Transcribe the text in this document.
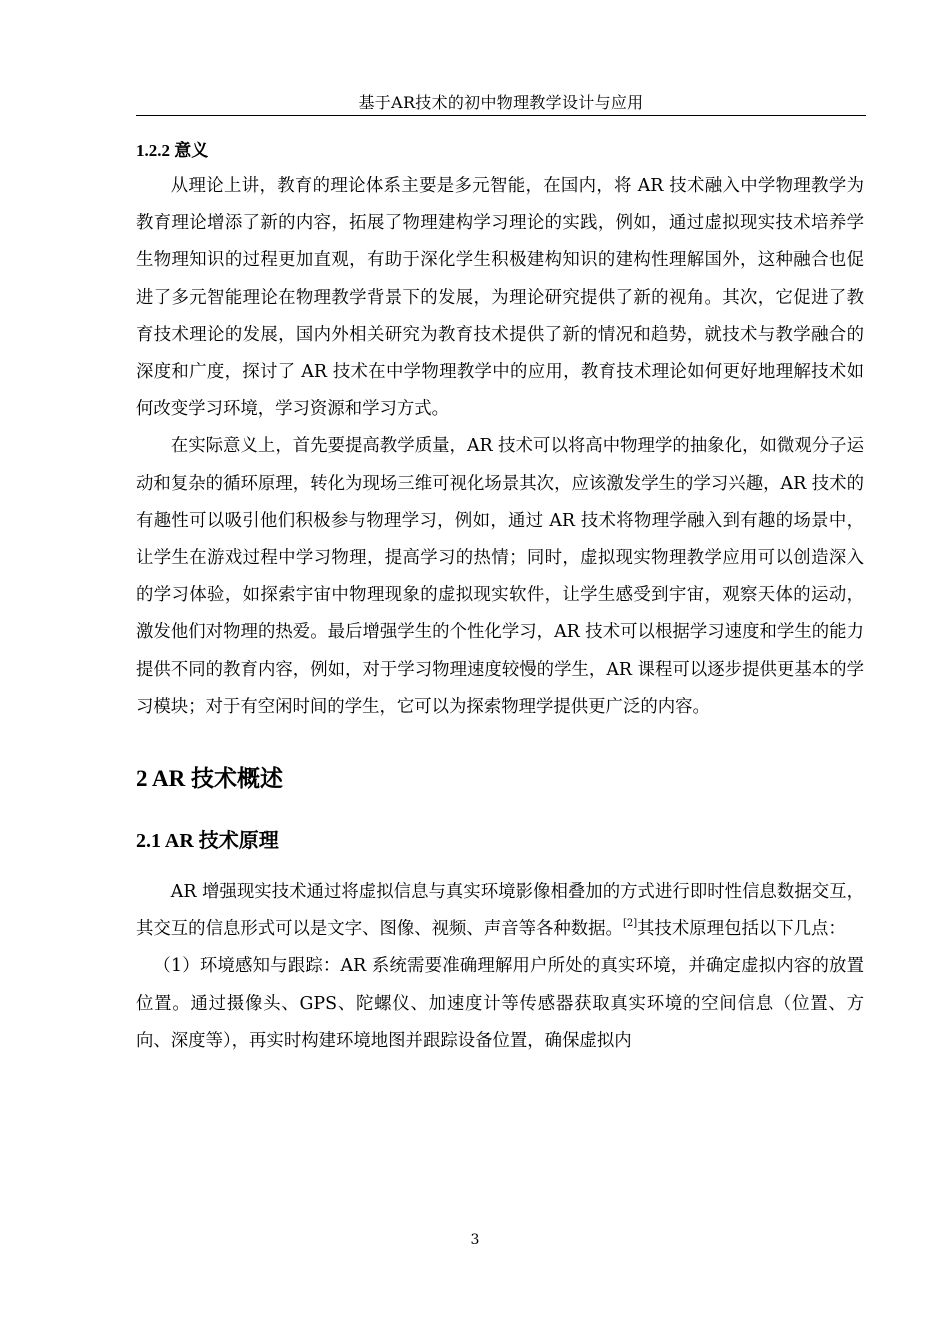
基于AR技术的初中物理教学设计与应用
1.2.2 意义

从理论上讲，教育的理论体系主要是多元智能，在国内，将 AR 技术融入中学物理教学为教育理论增添了新的内容，拓展了物理建构学习理论的实践，例如，通过虚拟现实技术培养学生物理知识的过程更加直观，有助于深化学生积极建构知识的建构性理解国外，这种融合也促进了多元智能理论在物理教学背景下的发展，为理论研究提供了新的视角。其次，它促进了教育技术理论的发展，国内外相关研究为教育技术提供了新的情况和趋势，就技术与教学融合的深度和广度，探讨了 AR 技术在中学物理教学中的应用，教育技术理论如何更好地理解技术如何改变学习环境，学习资源和学习方式。

在实际意义上，首先要提高教学质量，AR 技术可以将高中物理学的抽象化，如微观分子运动和复杂的循环原理，转化为现场三维可视化场景其次，应该激发学生的学习兴趣，AR 技术的有趣性可以吸引他们积极参与物理学习，例如，通过 AR 技术将物理学融入到有趣的场景中，让学生在游戏过程中学习物理，提高学习的热情；同时，虚拟现实物理教学应用可以创造深入的学习体验，如探索宇宙中物理现象的虚拟现实软件，让学生感受到宇宙，观察天体的运动，激发他们对物理的热爱。最后增强学生的个性化学习，AR 技术可以根据学习速度和学生的能力提供不同的教育内容，例如，对于学习物理速度较慢的学生，AR 课程可以逐步提供更基本的学习模块；对于有空闲时间的学生，它可以为探索物理学提供更广泛的内容。

2 AR 技术概述
2.1 AR 技术原理

AR 增强现实技术通过将虚拟信息与真实环境影像相叠加的方式进行即时性信息数据交互，其交互的信息形式可以是文字、图像、视频、声音等各种数据。[2]其技术原理包括以下几点：

（1）环境感知与跟踪：AR 系统需要准确理解用户所处的真实环境，并确定虚拟内容的放置位置。通过摄像头、GPS、陀螺仪、加速度计等传感器获取真实环境的空间信息（位置、方向、深度等），再实时构建环境地图并跟踪设备位置，确保虚拟内

3
